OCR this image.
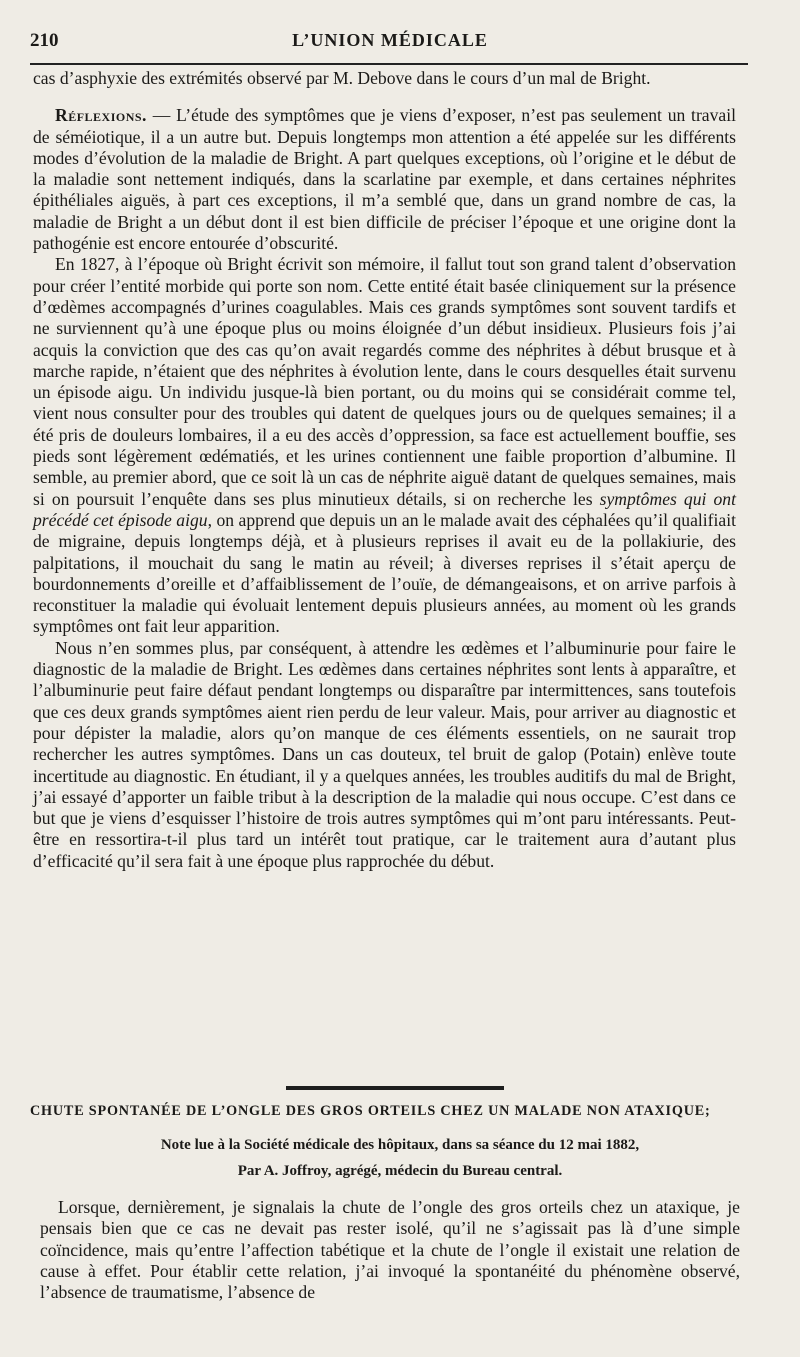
210	L’UNION MÉDICALE

cas d’asphyxie des extrémités observé par M. Debove dans le cours d’un mal de Bright.

Réflexions. — L’étude des symptômes que je viens d’exposer, n’est pas seulement un travail de séméiotique, il a un autre but. Depuis longtemps mon attention a été appelée sur les différents modes d’évolution de la maladie de Bright. A part quelques exceptions, où l’origine et le début de la maladie sont nettement indiqués, dans la scarlatine par exemple, et dans certaines néphrites épithéliales aiguës, à part ces exceptions, il m’a semblé que, dans un grand nombre de cas, la maladie de Bright a un début dont il est bien difficile de préciser l’époque et une origine dont la pathogénie est encore entourée d’obscurité.

En 1827, à l’époque où Bright écrivit son mémoire, il fallut tout son grand talent d’observation pour créer l’entité morbide qui porte son nom. Cette entité était basée cliniquement sur la présence d’œdèmes accompagnés d’urines coagulables. Mais ces grands symptômes sont souvent tardifs et ne surviennent qu’à une époque plus ou moins éloignée d’un début insidieux. Plusieurs fois j’ai acquis la conviction que des cas qu’on avait regardés comme des néphrites à début brusque et à marche rapide, n’étaient que des néphrites à évolution lente, dans le cours desquelles était survenu un épisode aigu. Un individu jusque-là bien portant, ou du moins qui se considérait comme tel, vient nous consulter pour des troubles qui datent de quelques jours ou de quelques semaines; il a été pris de douleurs lombaires, il a eu des accès d’oppression, sa face est actuellement bouffie, ses pieds sont légèrement œdématiés, et les urines contiennent une faible proportion d’albumine. Il semble, au premier abord, que ce soit là un cas de néphrite aiguë datant de quelques semaines, mais si on poursuit l’enquête dans ses plus minutieux détails, si on recherche les symptômes qui ont précédé cet épisode aigu, on apprend que depuis un an le malade avait des céphalées qu’il qualifiait de migraine, depuis longtemps déjà, et à plusieurs reprises il avait eu de la pollakiurie, des palpitations, il mouchait du sang le matin au réveil; à diverses reprises il s’était aperçu de bourdonnements d’oreille et d’affaiblissement de l’ouïe, de démangeaisons, et on arrive parfois à reconstituer la maladie qui évoluait lentement depuis plusieurs années, au moment où les grands symptômes ont fait leur apparition.

Nous n’en sommes plus, par conséquent, à attendre les œdèmes et l’albuminurie pour faire le diagnostic de la maladie de Bright. Les œdèmes dans certaines néphrites sont lents à apparaître, et l’albuminurie peut faire défaut pendant longtemps ou disparaître par intermittences, sans toutefois que ces deux grands symptômes aient rien perdu de leur valeur. Mais, pour arriver au diagnostic et pour dépister la maladie, alors qu’on manque de ces éléments essentiels, on ne saurait trop rechercher les autres symptômes. Dans un cas douteux, tel bruit de galop (Potain) enlève toute incertitude au diagnostic. En étudiant, il y a quelques années, les troubles auditifs du mal de Bright, j’ai essayé d’apporter un faible tribut à la description de la maladie qui nous occupe. C’est dans ce but que je viens d’esquisser l’histoire de trois autres symptômes qui m’ont paru intéressants. Peut-être en ressortira-t-il plus tard un intérêt tout pratique, car le traitement aura d’autant plus d’efficacité qu’il sera fait à une époque plus rapprochée du début.

CHUTE SPONTANÉE DE L’ONGLE DES GROS ORTEILS CHEZ UN MALADE NON ATAXIQUE;
Note lue à la Société médicale des hôpitaux, dans sa séance du 12 mai 1882,
Par A. Joffroy, agrégé, médecin du Bureau central.

Lorsque, dernièrement, je signalais la chute de l’ongle des gros orteils chez un ataxique, je pensais bien que ce cas ne devait pas rester isolé, qu’il ne s’agissait pas là d’une simple coïncidence, mais qu’entre l’affection tabétique et la chute de l’ongle il existait une relation de cause à effet. Pour établir cette relation, j’ai invoqué la spontanéité du phénomène observé, l’absence de traumatisme, l’absence de
